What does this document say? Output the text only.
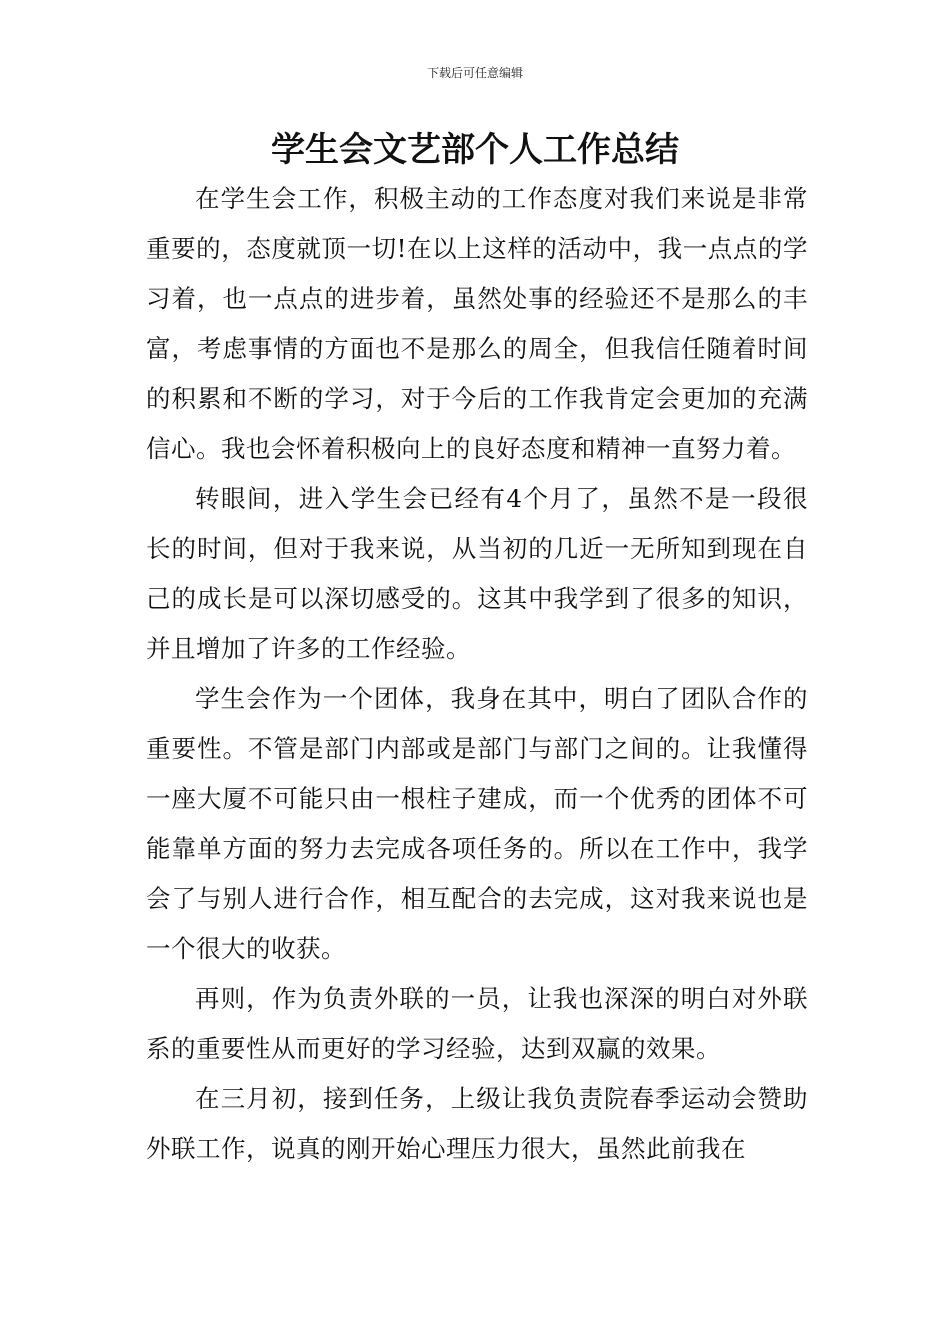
下载后可任意编辑
学生会文艺部个人工作总结

在学生会工作，积极主动的工作态度对我们来说是非常重要的，态度就顶一切!在以上这样的活动中，我一点点的学习着，也一点点的进步着，虽然处事的经验还不是那么的丰富，考虑事情的方面也不是那么的周全，但我信任随着时间的积累和不断的学习，对于今后的工作我肯定会更加的充满信心。我也会怀着积极向上的良好态度和精神一直努力着。

转眼间，进入学生会已经有4个月了，虽然不是一段很长的时间，但对于我来说，从当初的几近一无所知到现在自己的成长是可以深切感受的。这其中我学到了很多的知识，并且增加了许多的工作经验。

学生会作为一个团体，我身在其中，明白了团队合作的重要性。不管是部门内部或是部门与部门之间的。让我懂得一座大厦不可能只由一根柱子建成，而一个优秀的团体不可能靠单方面的努力去完成各项任务的。所以在工作中，我学会了与别人进行合作，相互配合的去完成，这对我来说也是一个很大的收获。

再则，作为负责外联的一员，让我也深深的明白对外联系的重要性从而更好的学习经验，达到双赢的效果。

在三月初，接到任务，上级让我负责院春季运动会赞助外联工作，说真的刚开始心理压力很大，虽然此前我在
